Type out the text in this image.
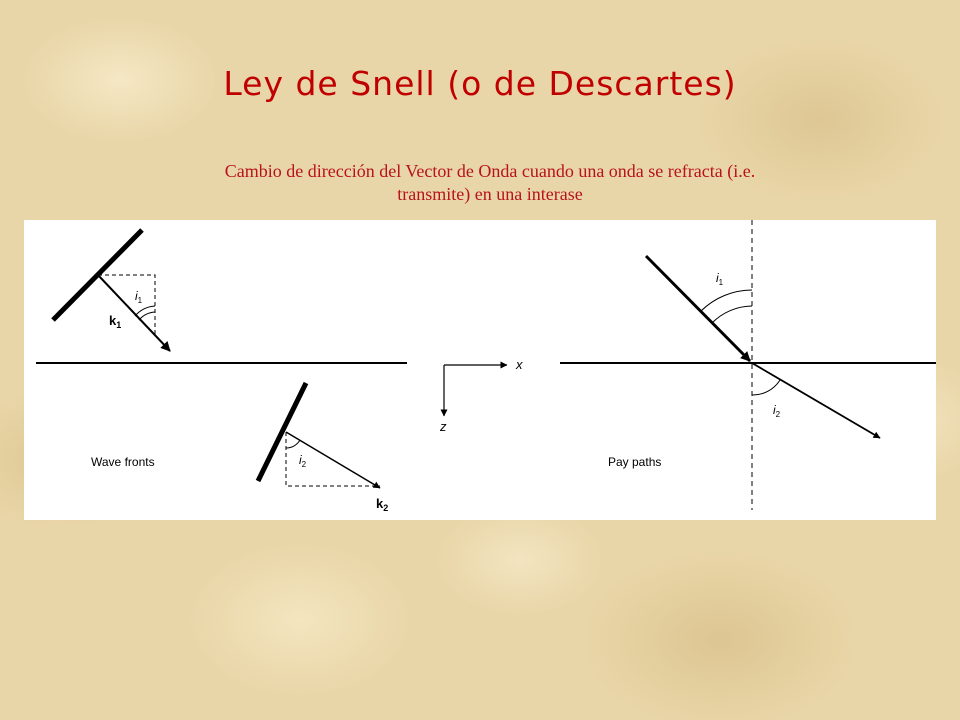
Ley de Snell (o de Descartes)
Cambio de dirección del Vector de Onda cuando una onda se refracta (i.e. transmite) en una interase
$i_1$
$k_1$
$i_2$
$k_2$
Wave fronts
x
z
$i_1$
$i_2$
Pay paths
